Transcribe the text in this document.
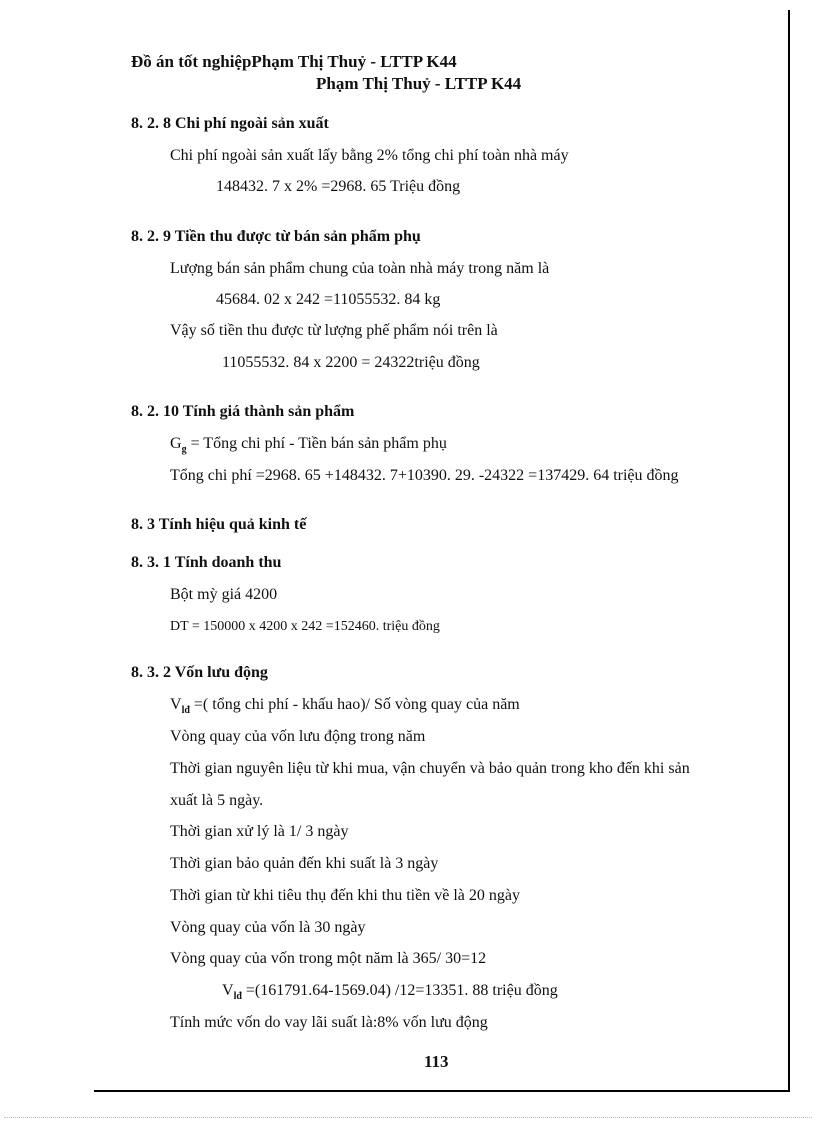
Đồ án tốt nghiệpPhạm Thị Thuỷ - LTTP K44
Phạm Thị Thuỷ - LTTP K44
8. 2. 8 Chi phí ngoài sản xuất
Chi phí ngoài sản xuất lấy bằng 2% tổng chi phí toàn nhà máy
148432. 7 x 2% =2968. 65 Triệu đồng
8. 2. 9 Tiền thu được từ bán sản phẩm phụ
Lượng bán sản phẩm chung của toàn nhà máy trong năm là
45684. 02 x 242 =11055532. 84 kg
Vậy số tiền thu được từ lượng phế phẩm nói trên là
11055532. 84 x 2200 = 24322triệu đồng
8. 2. 10 Tính giá thành sản phẩm
$G_g$ = Tổng chi phí - Tiền bán sản phẩm phụ
Tổng chi phí =2968. 65 +148432. 7+10390. 29. -24322 =137429. 64 triệu đồng
8. 3 Tính hiệu quả kinh tế
8. 3. 1 Tính doanh thu
Bột mỳ giá 4200
DT = 150000 x 4200 x 242 =152460. triệu đồng
8. 3. 2 Vốn lưu động
$V_{lđ}$ =( tổng chi phí - khấu hao)/ Số vòng quay của năm
Vòng quay của vốn lưu động trong năm
Thời gian nguyên liệu từ khi mua, vận chuyển và bảo quản trong kho đến khi sản
xuất là 5 ngày.
Thời gian xử lý là 1/ 3 ngày
Thời gian bảo quản đến khi suất là 3 ngày
Thời gian từ khi tiêu thụ đến khi thu tiền về là 20 ngày
Vòng quay của vốn là 30 ngày
Vòng quay của vốn trong một năm là 365/ 30=12
$V_{lđ} =(161791.64-1569.04)$ /12=13351. 88 triệu đồng
Tính mức vốn do vay lãi suất là:8% vốn lưu động
113
